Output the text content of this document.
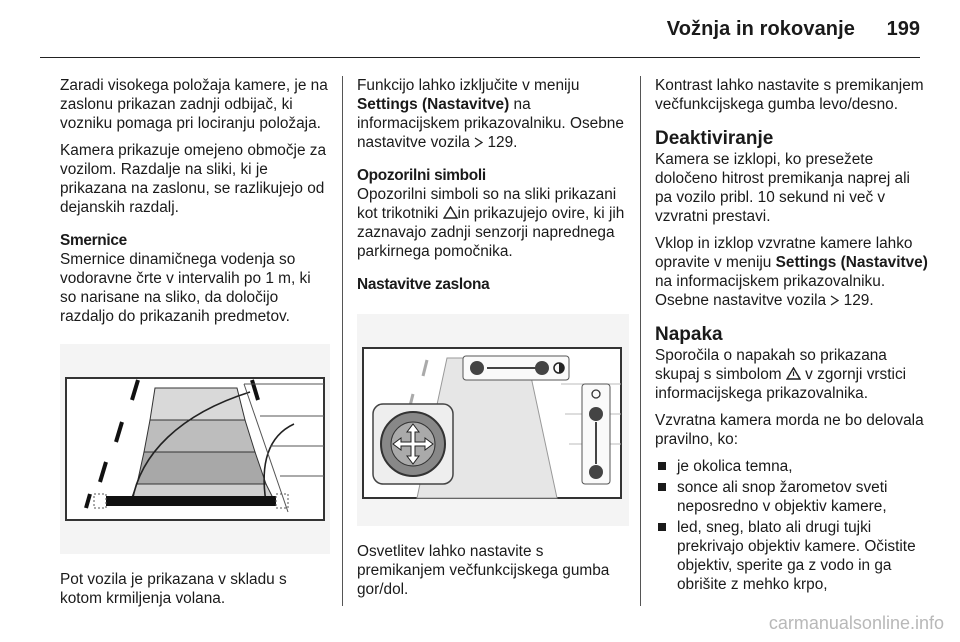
Vožnja in rokovanje 199

Zaradi visokega položaja kamere, je na zaslonu prikazan zadnji odbijač, ki vozniku pomaga pri lociranju položaja.

Kamera prikazuje omejeno območje za vozilom. Razdalje na sliki, ki je prikazana na zaslonu, se razlikujejo od dejanskih razdalj.

Smernice
Smernice dinamičnega vodenja so vodoravne črte v intervalih po 1 m, ki so narisane na sliko, da določijo razdaljo do prikazanih predmetov.

Pot vozila je prikazana v skladu s kotom krmiljenja volana.

Funkcijo lahko izključite v meniju Settings (Nastavitve) na informacijskem prikazovalniku. Osebne nastavitve vozila 129.

Opozorilni simboli
Opozorilni simboli so na sliki prikazani kot trikotniki in prikazujejo ovire, ki jih zaznavajo zadnji senzorji naprednega parkirnega pomočnika.

Nastavitve zaslona

Osvetlitev lahko nastavite s premikanjem večfunkcijskega gumba gor/dol.

Kontrast lahko nastavite s premikanjem večfunkcijskega gumba levo/desno.

Deaktiviranje

Kamera se izklopi, ko presežete določeno hitrost premikanja naprej ali pa vozilo pribl. 10 sekund ni več v vzvratni prestavi.

Vklop in izklop vzvratne kamere lahko opravite v meniju Settings (Nastavitve) na informacijskem prikazovalniku. Osebne nastavitve vozila 129.

Napaka

Sporočila o napakah so prikazana skupaj s simbolom v zgornji vrstici informacijskega prikazovalnika.

Vzvratna kamera morda ne bo delovala pravilno, ko:

je okolica temna,
sonce ali snop žarometov sveti neposredno v objektiv kamere,
led, sneg, blato ali drugi tujki prekrivajo objektiv kamere. Očistite objektiv, sperite ga z vodo in ga obrišite z mehko krpo,
carmanualsonline.info
